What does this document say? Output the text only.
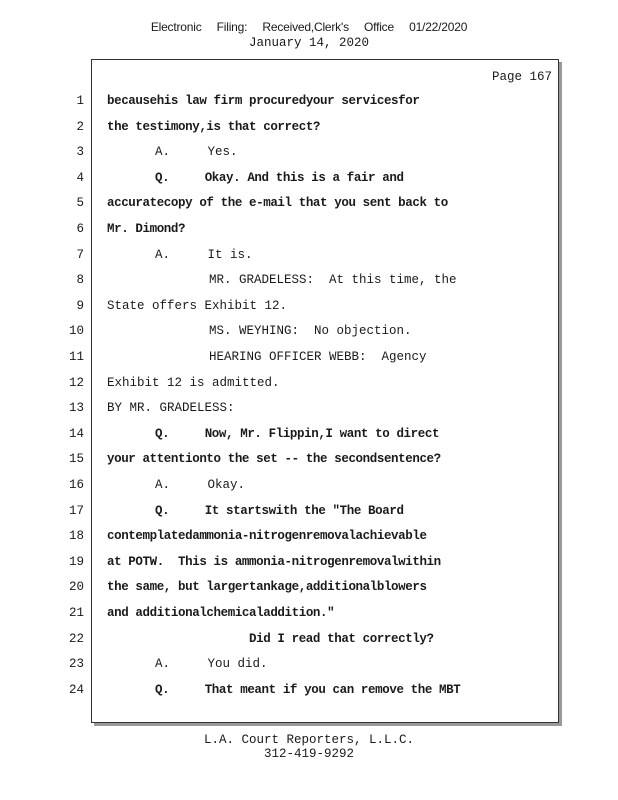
Electronic Filing: Received,Clerk's Office 01/22/2020
January 14, 2020
Page 167
1 becausehis law firm procuredyour servicesfor
2 the testimony,is that correct?
3	A.     Yes.
4	Q.     Okay. And this is a fair and
5 accuratecopy of the e-mail that you sent back to
6 Mr. Dimond?
7	A.     It is.
8	MR. GRADELESS:  At this time, the
9 State offers Exhibit 12.
10	MS. WEYHING:  No objection.
11	HEARING OFFICER WEBB:  Agency
12 Exhibit 12 is admitted.
13 BY MR. GRADELESS:
14	Q.     Now, Mr. Flippin,I want to direct
15 your attentionto the set -- the secondsentence?
16	A.     Okay.
17	Q.     It startswith the "The Board
18 contemplatedammonia-nitrogenremovalachievable
19 at POTW.  This is ammonia-nitrogenremovalwithin
20 the same, but largertankage,additionalblowers
21 and additionalchemicaladdition."
22	Did I read that correctly?
23	A.     You did.
24	Q.     That meant if you can remove the MBT
L.A. Court Reporters, L.L.C.
312-419-9292
